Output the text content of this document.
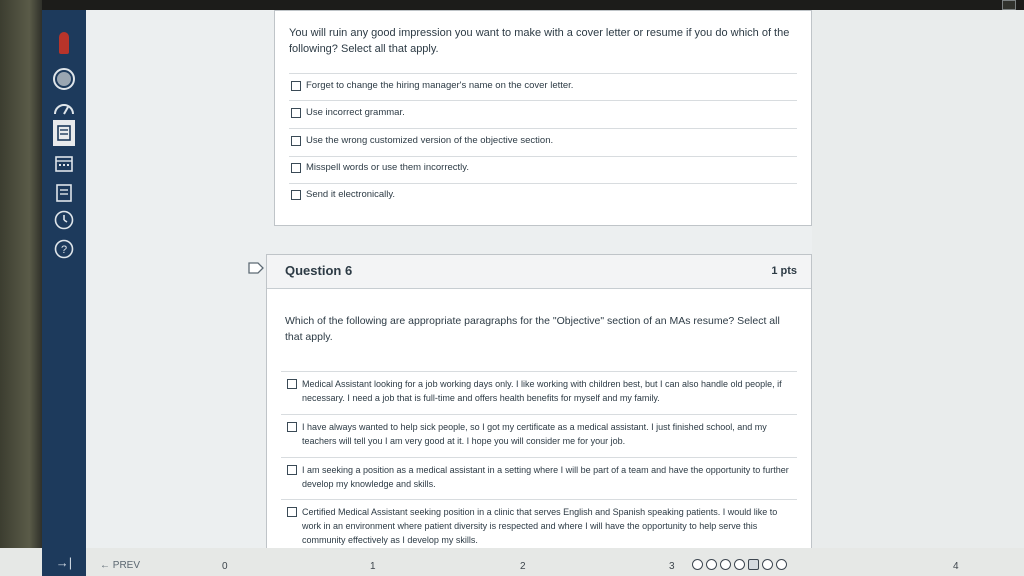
?
You will ruin any good impression you want to make with a cover letter or resume if you do which of the following? Select all that apply.
Forget to change the hiring manager's name on the cover letter.
Use incorrect grammar.
Use the wrong customized version of the objective section.
Misspell words or use them incorrectly.
Send it electronically.
Question 6	1 pts
Which of the following are appropriate paragraphs for the "Objective" section of an MAs resume? Select all that apply.
Medical Assistant looking for a job working days only. I like working with children best, but I can also handle old people, if necessary. I need a job that is full-time and offers health benefits for myself and my family.
I have always wanted to help sick people, so I got my certificate as a medical assistant. I just finished school, and my teachers will tell you I am very good at it. I hope you will consider me for your job.
I am seeking a position as a medical assistant in a setting where I will be part of a team and have the opportunity to further develop my knowledge and skills.
Certified Medical Assistant seeking position in a clinic that serves English and Spanish speaking patients. I would like to work in an environment where patient diversity is respected and where I will have the opportunity to help serve this community effectively as I develop my skills.
→|	← PREV	0	1	2	3	4
